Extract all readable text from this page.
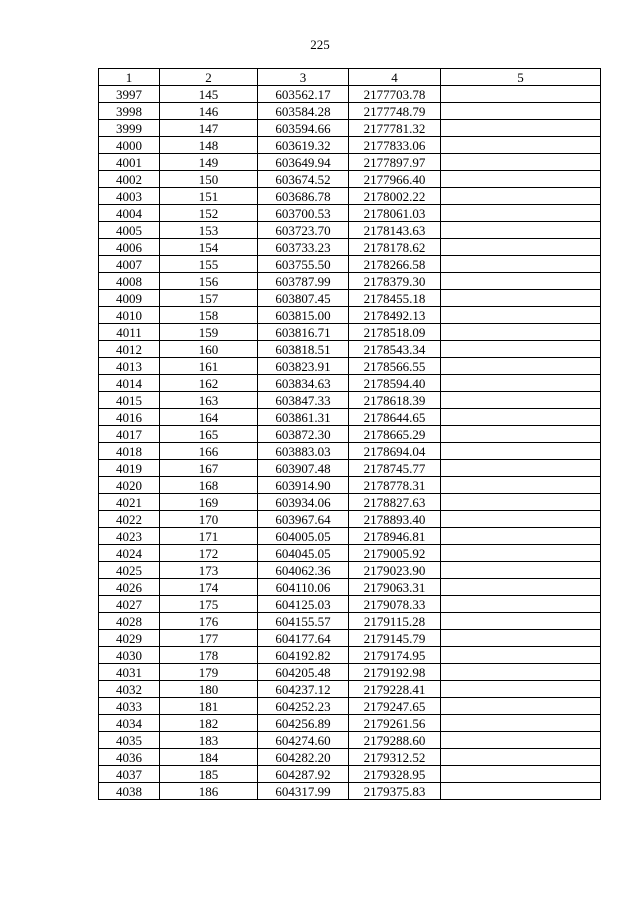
225
1	2	3	4	5
3997	145	603562.17	2177703.78	
3998	146	603584.28	2177748.79	
3999	147	603594.66	2177781.32	
4000	148	603619.32	2177833.06	
4001	149	603649.94	2177897.97	
4002	150	603674.52	2177966.40	
4003	151	603686.78	2178002.22	
4004	152	603700.53	2178061.03	
4005	153	603723.70	2178143.63	
4006	154	603733.23	2178178.62	
4007	155	603755.50	2178266.58	
4008	156	603787.99	2178379.30	
4009	157	603807.45	2178455.18	
4010	158	603815.00	2178492.13	
4011	159	603816.71	2178518.09	
4012	160	603818.51	2178543.34	
4013	161	603823.91	2178566.55	
4014	162	603834.63	2178594.40	
4015	163	603847.33	2178618.39	
4016	164	603861.31	2178644.65	
4017	165	603872.30	2178665.29	
4018	166	603883.03	2178694.04	
4019	167	603907.48	2178745.77	
4020	168	603914.90	2178778.31	
4021	169	603934.06	2178827.63	
4022	170	603967.64	2178893.40	
4023	171	604005.05	2178946.81	
4024	172	604045.05	2179005.92	
4025	173	604062.36	2179023.90	
4026	174	604110.06	2179063.31	
4027	175	604125.03	2179078.33	
4028	176	604155.57	2179115.28	
4029	177	604177.64	2179145.79	
4030	178	604192.82	2179174.95	
4031	179	604205.48	2179192.98	
4032	180	604237.12	2179228.41	
4033	181	604252.23	2179247.65	
4034	182	604256.89	2179261.56	
4035	183	604274.60	2179288.60	
4036	184	604282.20	2179312.52	
4037	185	604287.92	2179328.95	
4038	186	604317.99	2179375.83	
